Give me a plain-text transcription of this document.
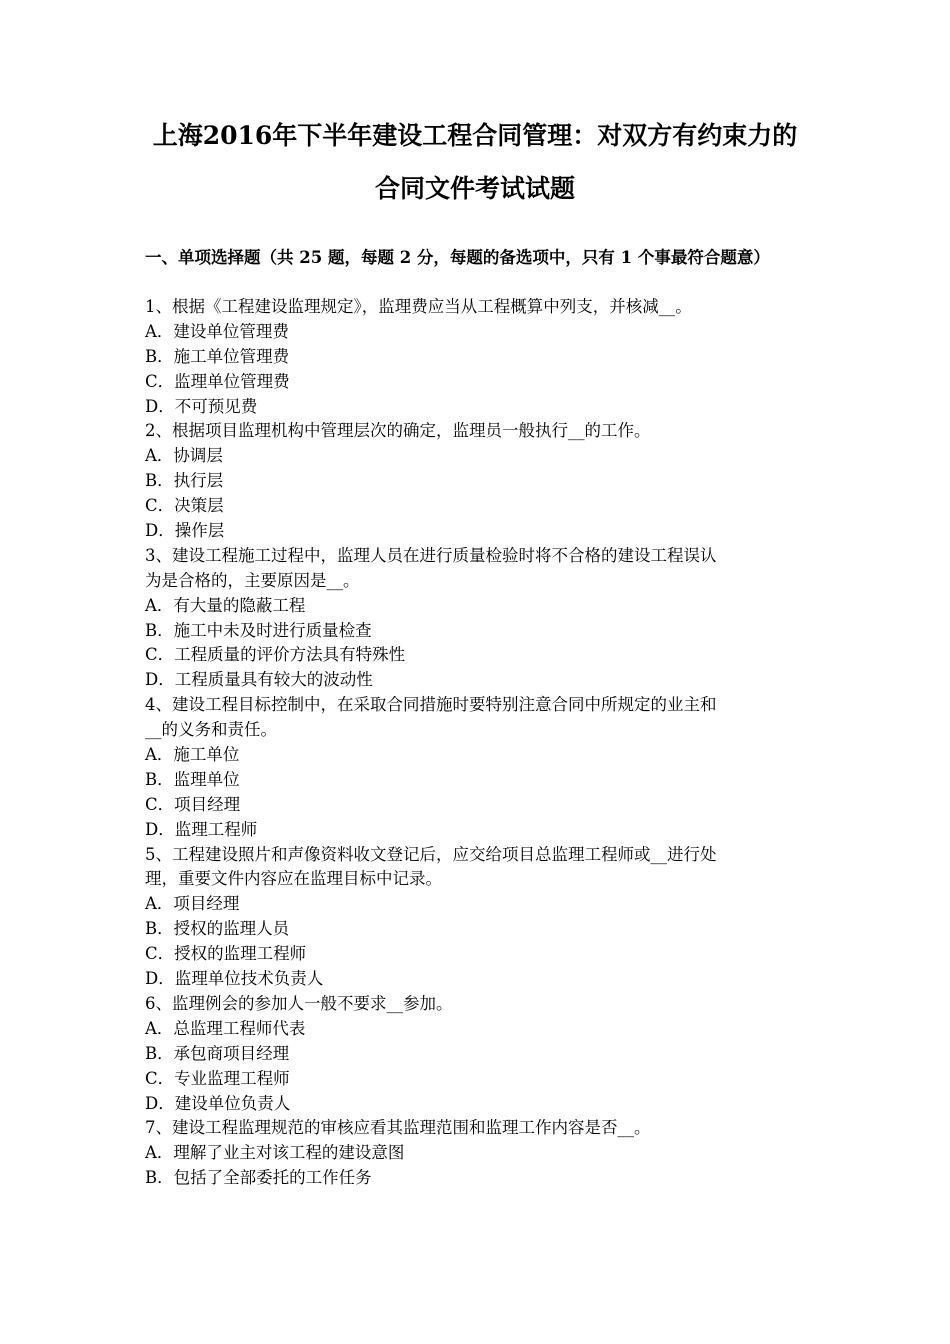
上海2016年下半年建设工程合同管理：对双方有约束力的
合同文件考试试题
一、单项选择题（共 25 题，每题 2 分，每题的备选项中，只有 1 个事最符合题意）
1、根据《工程建设监理规定》，监理费应当从工程概算中列支，并核减__。
A．建设单位管理费
B．施工单位管理费
C．监理单位管理费
D．不可预见费
2、根据项目监理机构中管理层次的确定，监理员一般执行__的工作。
A．协调层
B．执行层
C．决策层
D．操作层
3、建设工程施工过程中，监理人员在进行质量检验时将不合格的建设工程误认
为是合格的，主要原因是__。
A．有大量的隐蔽工程
B．施工中未及时进行质量检查
C．工程质量的评价方法具有特殊性
D．工程质量具有较大的波动性
4、建设工程目标控制中，在采取合同措施时要特别注意合同中所规定的业主和
__的义务和责任。
A．施工单位
B．监理单位
C．项目经理
D．监理工程师
5、工程建设照片和声像资料收文登记后，应交给项目总监理工程师或__进行处
理，重要文件内容应在监理目标中记录。
A．项目经理
B．授权的监理人员
C．授权的监理工程师
D．监理单位技术负责人
6、监理例会的参加人一般不要求__参加。
A．总监理工程师代表
B．承包商项目经理
C．专业监理工程师
D．建设单位负责人
7、建设工程监理规范的审核应看其监理范围和监理工作内容是否__。
A．理解了业主对该工程的建设意图
B．包括了全部委托的工作任务
